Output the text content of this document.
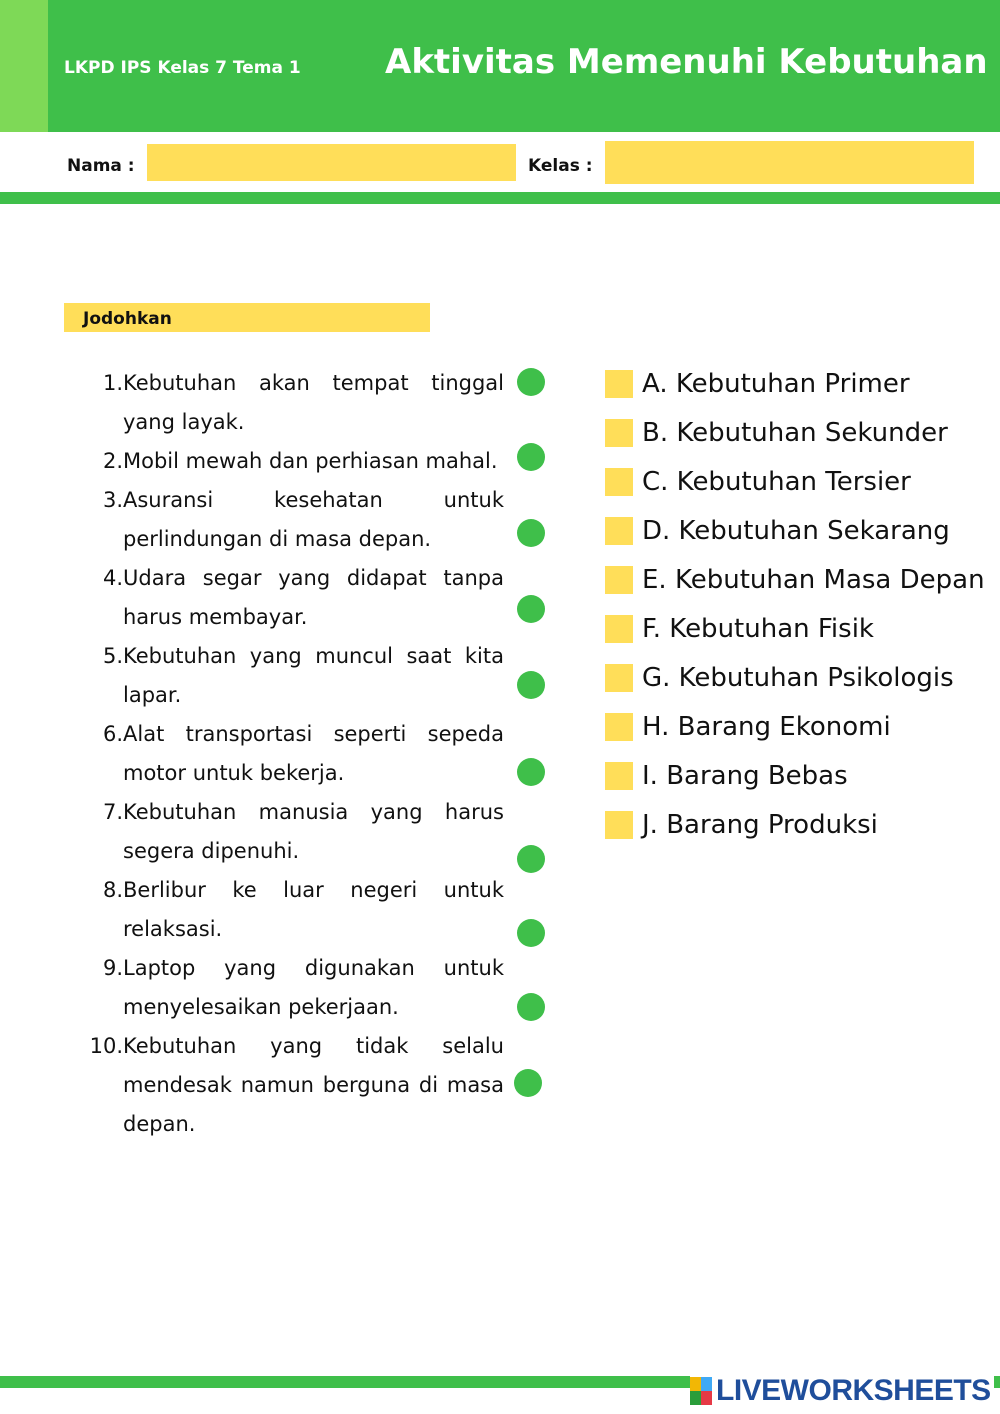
LKPD IPS Kelas 7 Tema 1 Aktivitas Memenuhi Kebutuhan
Nama :	Kelas :
Jodohkan
1. Kebutuhan akan tempat tinggal yang layak.
2. Mobil mewah dan perhiasan mahal.
3. Asuransi kesehatan untuk perlindungan di masa depan.
4. Udara segar yang didapat tanpa harus membayar.
5. Kebutuhan yang muncul saat kita lapar.
6. Alat transportasi seperti sepeda motor untuk bekerja.
7. Kebutuhan manusia yang harus segera dipenuhi.
8. Berlibur ke luar negeri untuk relaksasi.
9. Laptop yang digunakan untuk menyelesaikan pekerjaan.
10. Kebutuhan yang tidak selalu mendesak namun berguna di masa depan.
A. Kebutuhan Primer
B. Kebutuhan Sekunder
C. Kebutuhan Tersier
D. Kebutuhan Sekarang
E. Kebutuhan Masa Depan
F. Kebutuhan Fisik
G. Kebutuhan Psikologis
H. Barang Ekonomi
I. Barang Bebas
J. Barang Produksi
LIVEWORKSHEETS
